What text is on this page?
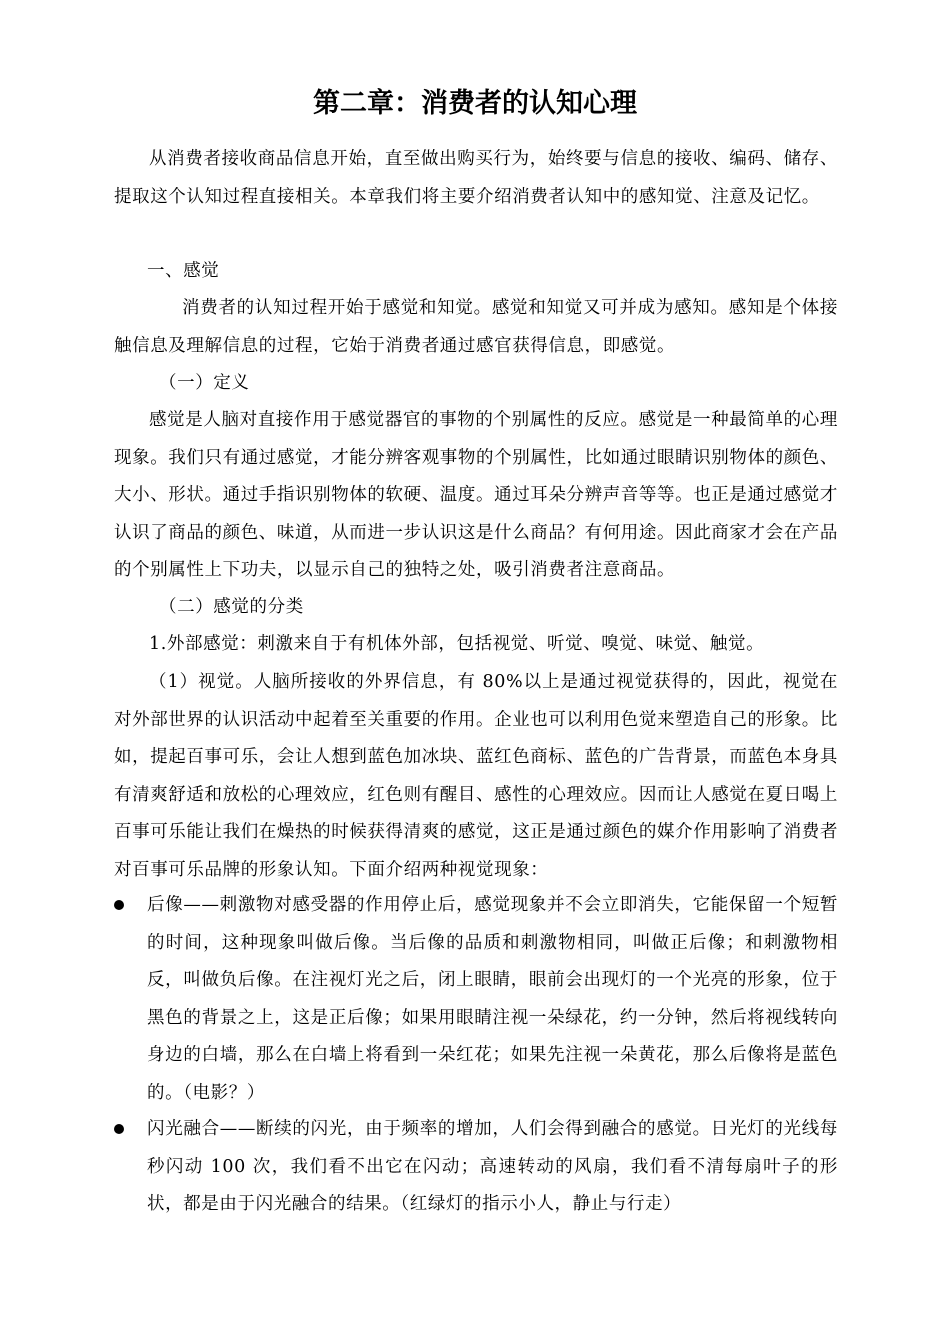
第二章：消费者的认知心理
从消费者接收商品信息开始，直至做出购买行为，始终要与信息的接收、编码、储存、提取这个认知过程直接相关。本章我们将主要介绍消费者认知中的感知觉、注意及记忆。
一、感觉
消费者的认知过程开始于感觉和知觉。感觉和知觉又可并成为感知。感知是个体接触信息及理解信息的过程，它始于消费者通过感官获得信息，即感觉。
（一）定义
感觉是人脑对直接作用于感觉器官的事物的个别属性的反应。感觉是一种最简单的心理现象。我们只有通过感觉，才能分辨客观事物的个别属性，比如通过眼睛识别物体的颜色、大小、形状。通过手指识别物体的软硬、温度。通过耳朵分辨声音等等。也正是通过感觉才认识了商品的颜色、味道，从而进一步认识这是什么商品？有何用途。因此商家才会在产品的个别属性上下功夫，以显示自己的独特之处，吸引消费者注意商品。
（二）感觉的分类
1.外部感觉：刺激来自于有机体外部，包括视觉、听觉、嗅觉、味觉、触觉。
（1）视觉。人脑所接收的外界信息，有 80%以上是通过视觉获得的，因此，视觉在对外部世界的认识活动中起着至关重要的作用。企业也可以利用色觉来塑造自己的形象。比如，提起百事可乐，会让人想到蓝色加冰块、蓝红色商标、蓝色的广告背景，而蓝色本身具有清爽舒适和放松的心理效应，红色则有醒目、感性的心理效应。因而让人感觉在夏日喝上百事可乐能让我们在燥热的时候获得清爽的感觉，这正是通过颜色的媒介作用影响了消费者对百事可乐品牌的形象认知。下面介绍两种视觉现象：
后像——刺激物对感受器的作用停止后，感觉现象并不会立即消失，它能保留一个短暂的时间，这种现象叫做后像。当后像的品质和刺激物相同，叫做正后像；和刺激物相反，叫做负后像。在注视灯光之后，闭上眼睛，眼前会出现灯的一个光亮的形象，位于黑色的背景之上，这是正后像；如果用眼睛注视一朵绿花，约一分钟，然后将视线转向身边的白墙，那么在白墙上将看到一朵红花；如果先注视一朵黄花，那么后像将是蓝色的。（电影？）
闪光融合——断续的闪光，由于频率的增加，人们会得到融合的感觉。日光灯的光线每秒闪动 100 次，我们看不出它在闪动；高速转动的风扇，我们看不清每扇叶子的形状，都是由于闪光融合的结果。（红绿灯的指示小人，静止与行走）
